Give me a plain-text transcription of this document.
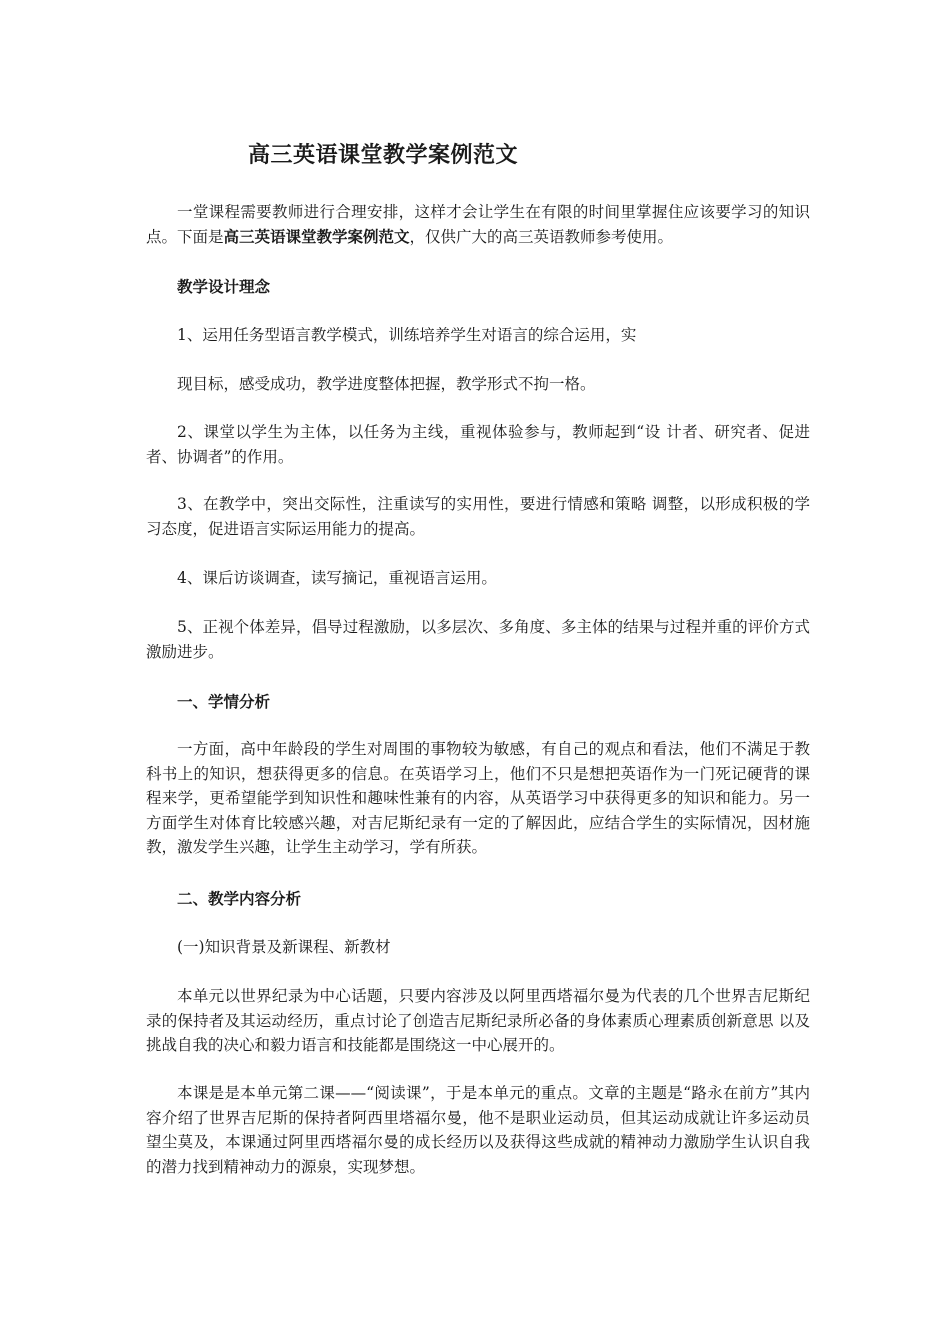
高三英语课堂教学案例范文
一堂课程需要教师进行合理安排，这样才会让学生在有限的时间里掌握住应该要学习的知识点。下面是高三英语课堂教学案例范文，仅供广大的高三英语教师参考使用。
教学设计理念
1、运用任务型语言教学模式，训练培养学生对语言的综合运用，实
现目标，感受成功，教学进度整体把握，教学形式不拘一格。
2、课堂以学生为主体，以任务为主线，重视体验参与，教师起到“设 计者、研究者、促进者、协调者”的作用。
3、在教学中，突出交际性，注重读写的实用性，要进行情感和策略 调整，以形成积极的学习态度，促进语言实际运用能力的提高。
4、课后访谈调查，读写摘记，重视语言运用。
5、正视个体差异，倡导过程激励，以多层次、多角度、多主体的结果与过程并重的评价方式激励进步。
一、学情分析
一方面，高中年龄段的学生对周围的事物较为敏感，有自己的观点和看法，他们不满足于教科书上的知识，想获得更多的信息。在英语学习上，他们不只是想把英语作为一门死记硬背的课程来学，更希望能学到知识性和趣味性兼有的内容，从英语学习中获得更多的知识和能力。另一方面学生对体育比较感兴趣，对吉尼斯纪录有一定的了解因此，应结合学生的实际情况，因材施教，激发学生兴趣，让学生主动学习，学有所获。
二、教学内容分析
(一)知识背景及新课程、新教材
本单元以世界纪录为中心话题，只要内容涉及以阿里西塔福尔曼为代表的几个世界吉尼斯纪录的保持者及其运动经历，重点讨论了创造吉尼斯纪录所必备的身体素质心理素质创新意思 以及挑战自我的决心和毅力语言和技能都是围绕这一中心展开的。
本课是是本单元第二课——“阅读课”，于是本单元的重点。文章的主题是“路永在前方”其内容介绍了世界吉尼斯的保持者阿西里塔福尔曼，他不是职业运动员，但其运动成就让许多运动员望尘莫及，本课通过阿里西塔福尔曼的成长经历以及获得这些成就的精神动力激励学生认识自我的潜力找到精神动力的源泉，实现梦想。
